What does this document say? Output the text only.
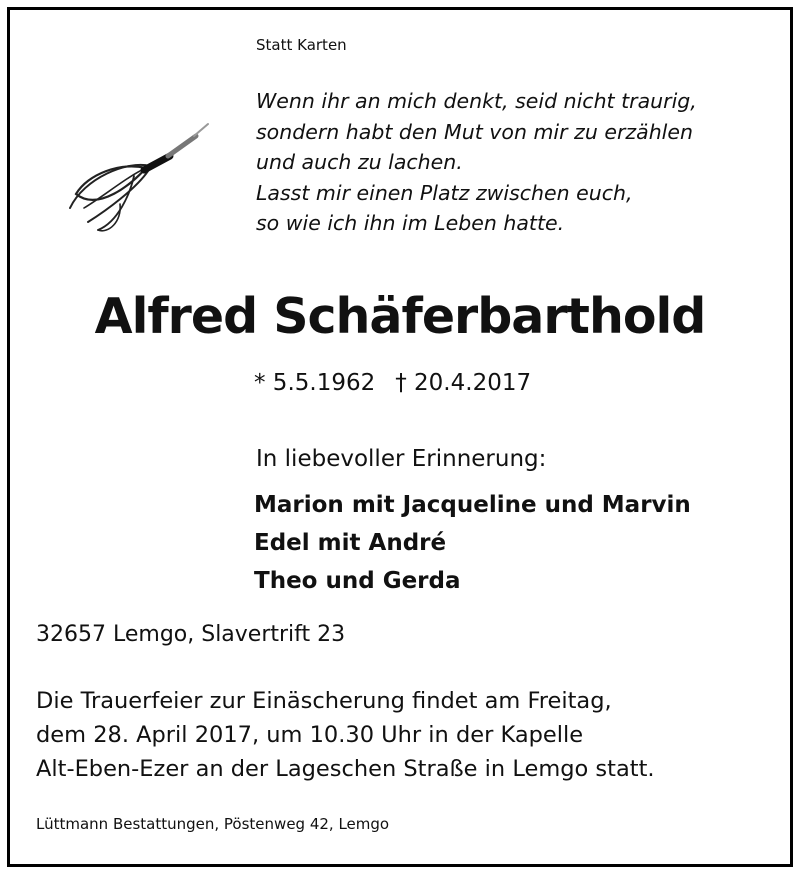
Statt Karten
Wenn ihr an mich denkt, seid nicht traurig,
sondern habt den Mut von mir zu erzählen
und auch zu lachen.
Lasst mir einen Platz zwischen euch,
so wie ich ihn im Leben hatte.
Alfred Schäferbarthold
* 5.5.1962 † 20.4.2017
In liebevoller Erinnerung:
Marion mit Jacqueline und Marvin
Edel mit André
Theo und Gerda
32657 Lemgo, Slavertrift 23
Die Trauerfeier zur Einäscherung findet am Freitag,
dem 28. April 2017, um 10.30 Uhr in der Kapelle
Alt-Eben-Ezer an der Lageschen Straße in Lemgo statt.
Lüttmann Bestattungen, Pöstenweg 42, Lemgo
